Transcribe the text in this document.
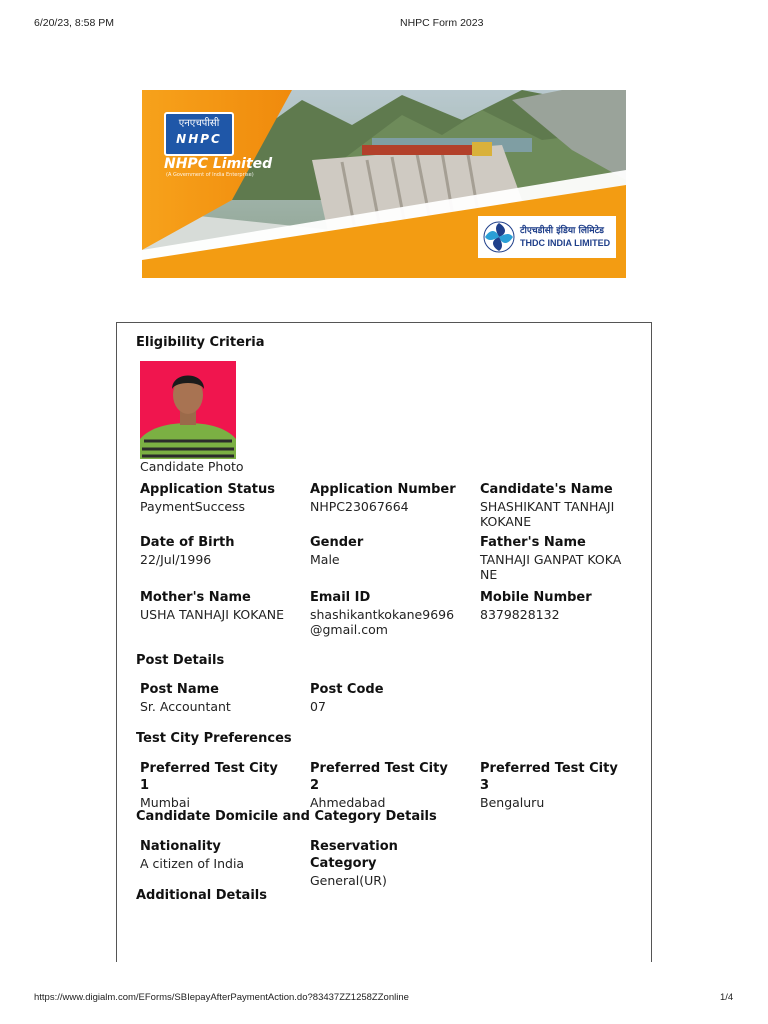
6/20/23, 8:58 PM	NHPC Form 2023
एनएचपीसी
NHPC
NHPC Limited
(A Government of India Enterprise)
टीएचडीसी इंडिया लिमिटेड
THDC INDIA LIMITED
Eligibility Criteria
Candidate Photo
Application Status
PaymentSuccess
Application Number
NHPC23067664
Candidate's Name
SHASHIKANT TANHAJI KOKANE
Date of Birth
22/Jul/1996
Gender
Male
Father's Name
TANHAJI GANPAT KOKANE
Mother's Name
USHA TANHAJI KOKANE
Email ID
shashikantkokane9696@gmail.com
Mobile Number
8379828132
Post Details
Post Name
Sr. Accountant
Post Code
07
Test City Preferences
Preferred Test City 1
Mumbai
Preferred Test City 2
Ahmedabad
Preferred Test City 3
Bengaluru
Candidate Domicile and Category Details
Nationality
A citizen of India
Reservation Category
General(UR)
Additional Details
https://www.digialm.com/EForms/SBIepayAfterPaymentAction.do?83437ZZ1258ZZonline	1/4
